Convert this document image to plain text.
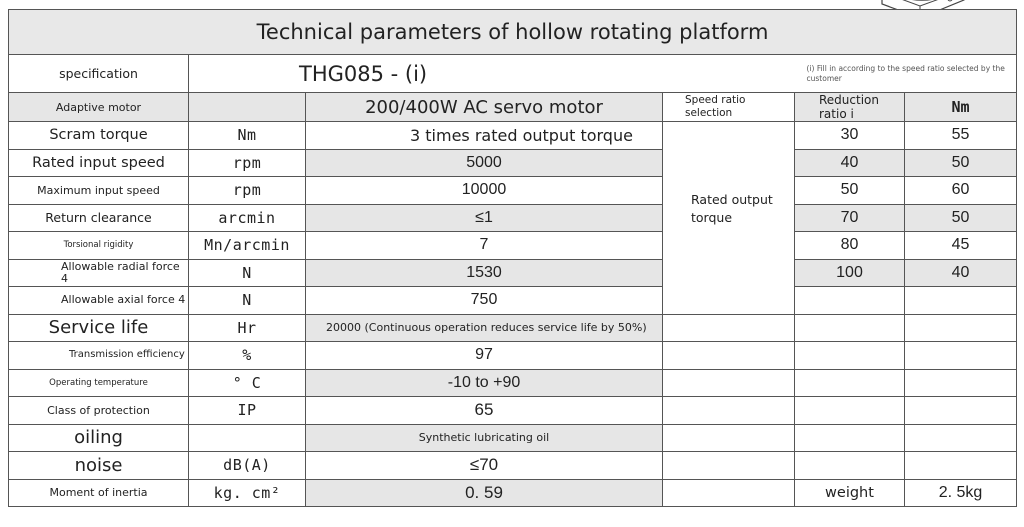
Technical parameters of hollow rotating platform					
specification	THG085 - (i)			(i) Fill in according to the speed ratio selected by the customer	
Adaptive motor		200/400W AC servo motor	Speed ratio selection	Reduction ratio i	Nm
Scram torque	Nm	3 times rated output torque	Rated output torque	30	55
Rated input speed	rpm	5000		40	50
Maximum input speed	rpm	10000		50	60
Return clearance	arcmin	≤1		70	50
Torsional rigidity	Mn/arcmin	7		80	45
Allowable radial force 4	N	1530		100	40
Allowable axial force 4	N	750			
Service life	Hr	20000 (Continuous operation reduces service life by 50%)			
Transmission efficiency	%	97			
Operating temperature	° C	-10 to +90			
Class of protection	IP	65			
oiling		Synthetic lubricating oil			
noise	dB(A)	≤70			
Moment of inertia	kg. cm²	0. 59		weight	2. 5kg
